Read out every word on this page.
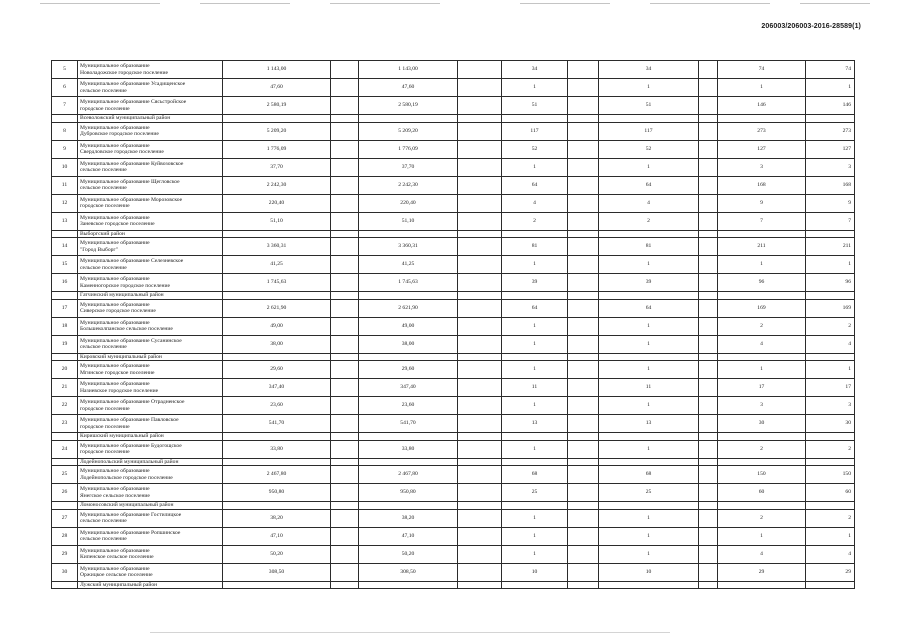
206003/206003-2016-28589(1)
5	Муниципальное образование
Новоладожское городское поселение	1 143,00		1 143,00		34		34		74	74
6	Муниципальное образование Усадищенское
сельское поселение	47,60		47,60		1		1		1	1
7	Муниципальное образование Сясьстройское
городское поселение	2 580,19		2 580,19		51		51		146	146

	Всеволожский муниципальный район										

8	Муниципальное образование
Дубровское городское поселение	5 209,20		5 209,20		117		117		273	273
9	Муниципальное образование
Свердловское городское поселение	1 776,09		1 776,09		52		52		127	127
10	Муниципальное образование Куйвозовское
сельское поселение	37,70		37,70		1		1		3	3
11	Муниципальное образование Щегловское
сельское поселение	2 242,30		2 242,30		64		64		168	168
12	Муниципальное образование Морозовское
городское поселение	220,40		220,40		4		4		9	9
13	Муниципальное образование
Заневское городское поселение	51,10		51,10		2		2		7	7

	Выборгский район										

14	Муниципальное образование
"Город Выборг"	3 360,31		3 360,31		81		81		211	211
15	Муниципальное образование Селезневское
сельское поселение	41,25		41,25		1		1		1	1
16	Муниципальное образование
Каменногорское городское поселение	1 745,63		1 745,63		39		39		96	96

	Гатчинский муниципальный район										

17	Муниципальное образование
Сиверское городское поселение	2 621,90		2 621,90		64		64		169	169
18	Муниципальное образование
Большеколпанское сельское поселение	49,00		49,00		1		1		2	2
19	Муниципальное образование Сусанинское
сельское поселение	38,00		38,00		1		1		4	4

	Кировский муниципальный район										

20	Муниципальное образование
Мгинское городское поселение	29,60		29,60		1		1		1	1
21	Муниципальное образование
Назиевское городское поселение	347,40		347,40		11		11		17	17
22	Муниципальное образование Отрадненское
городское поселение	23,60		23,60		1		1		3	3
23	Муниципальное образование Павловское
городское поселение	541,70		541,70		13		13		30	30

	Киришский муниципальный район										

24	Муниципальное образование Будогощское
городское поселение	33,80		33,80		1		1		2	2

	Лодейнопольский муниципальный район										

25	Муниципальное образование
Лодейнопольское городское поселение	2 467,80		2 467,80		68		68		150	150
26	Муниципальное образование
Янегское сельское поселение	950,80		950,80		25		25		60	60

	Ломоносовский муниципальный район										

27	Муниципальное образование Гостилицкое
сельское поселение	38,20		38,20		1		1		2	2
28	Муниципальное образование Ропшинское
сельское поселение	47,10		47,10		1		1		1	1
29	Муниципальное образование
Кипенское сельское поселение	50,20		50,20		1		1		4	4
30	Муниципальное образование
Оржицкое сельское поселение	308,50		308,50		10		10		29	29

	Лужский муниципальный район										
